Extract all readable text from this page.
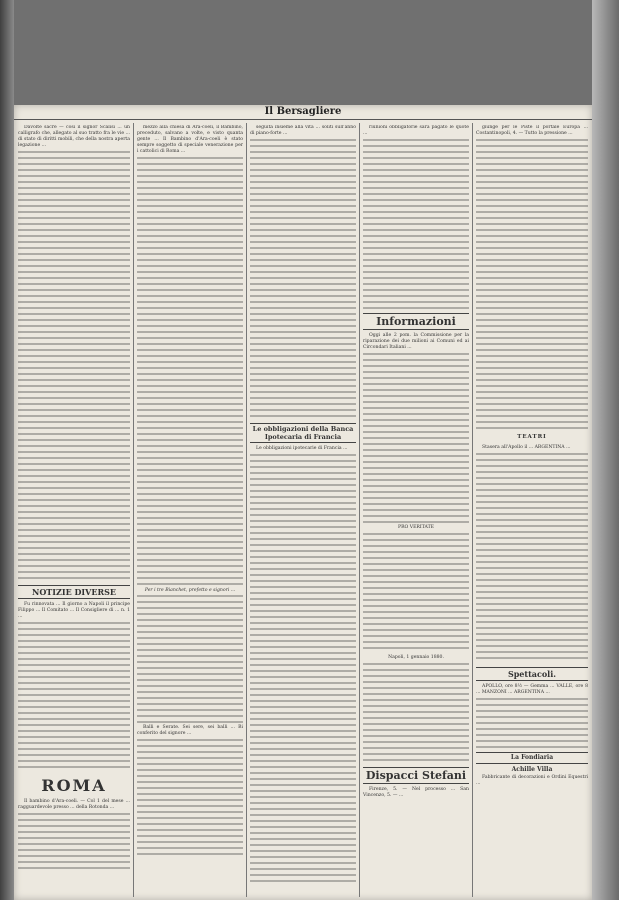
Il Bersagliere

Davolte sacre — così il signor Scalisi ... un calligrafo che, allegato al suo tratto fra le vie ... di stato di diritti mobili, che della nostra aperta legazione ...

NOTIZIE DIVERSE

Fu rinnovata ... Il giorno a Napoli il principe Filippo ... Il Comitato ... Il Consigliere di ... n. 1 ...

ROMA

Il bambino d'Ara-coeli. — Col 1 del mese ... ragguardevole presso ... della Rotonda ...

mezzo alla chiesa di Ara-coeli, il Bambino, preceduto, salvano a volte, e visto quanta gente ... Il Bambino d'Ara-coeli è stato sempre soggetto di speciale venerazione per i cattolici di Roma ...

Per i tre Bianchet, prefetto e signori ...

Balli e Serate. Sei sere, sei balli ... Bi conferito del signore ...

seguita insieme alla vita ... soliti sull'anno di piano-forte ...

Le obbligazioni della Banca Ipotecaria di Francia

Le obbligazioni ipotecarie di Francia ...

riunioni obbligatorie sarà pagato le quote ...

Informazioni

Oggi alle 2 pom. la Commissione per la riparazione dei due milioni ai Comuni ed ai Circondari Italiani ...

PRO VERITATE
Napoli, 1 gennaio 1880.
Dispacci Stefani

Firenze, 5. — Nel processo ... San Vincenzo, 5. — ...

giunge per le Piste il portale Europa ... Costantinopoli, 4. — Tutto la pressione ...

TEATRI

Stasera all'Apollo il ... ARGENTINA ...

Spettacoli.

APOLLO, ore 8½ — Gemma ... VALLE, ore 8 ... MANZONI ... ARGENTINA ...

La Fondiaria
Achille Villa

Fabbricante di decorazioni e Ordini Equestri ...
